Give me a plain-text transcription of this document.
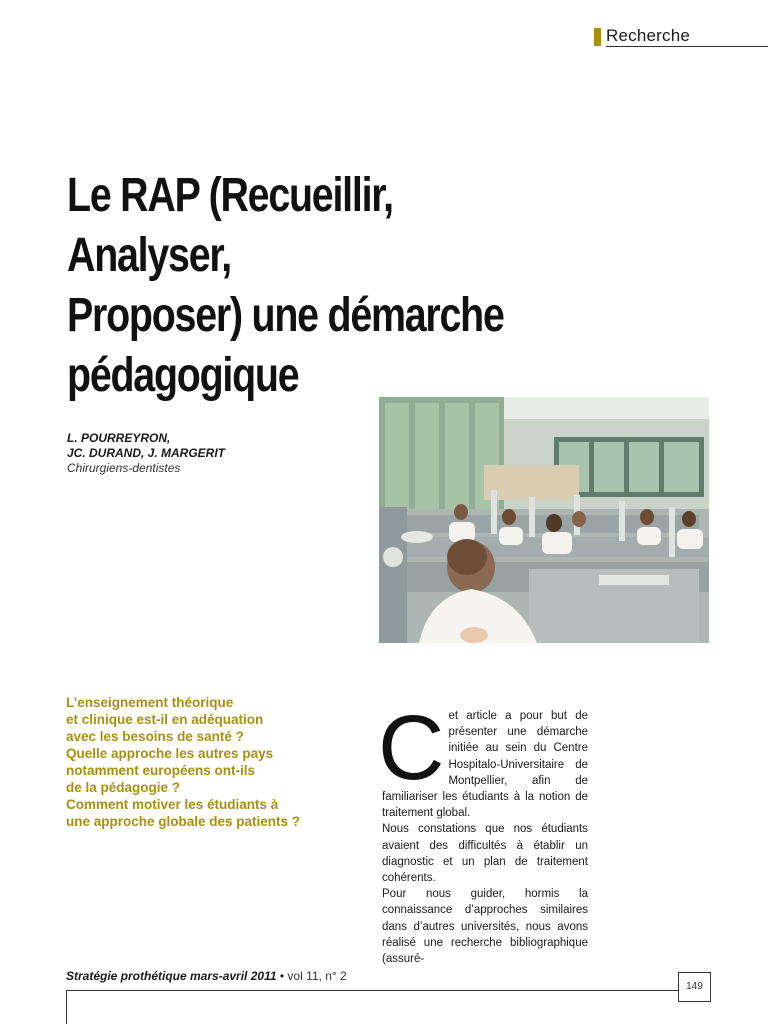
Recherche
Le RAP (Recueillir, Analyser,
Proposer) une démarche
pédagogique
L. POURREYRON,
JC. DURAND, J. MARGERIT
Chirurgiens-dentistes
L’enseignement théorique
et clinique est-il en adéquation
avec les besoins de santé ?
Quelle approche les autres pays
notamment européens ont-ils
de la pédagogie ?
Comment motiver les étudiants à
une approche globale des patients ?
C et article a pour but de présenter une démarche initiée au sein du Centre Hospitalo-Universitaire de Montpellier, afin de familiariser les étudiants à la notion de traitement global.

Nous constations que nos étudiants avaient des difficultés à établir un diagnostic et un plan de traitement cohérents.

Pour nous guider, hormis la connaissance d’approches similaires dans d’autres universités, nous avons réalisé une recherche bibliographique (assuré-

Stratégie prothétique mars-avril 2011 • vol 11, n° 2
149
